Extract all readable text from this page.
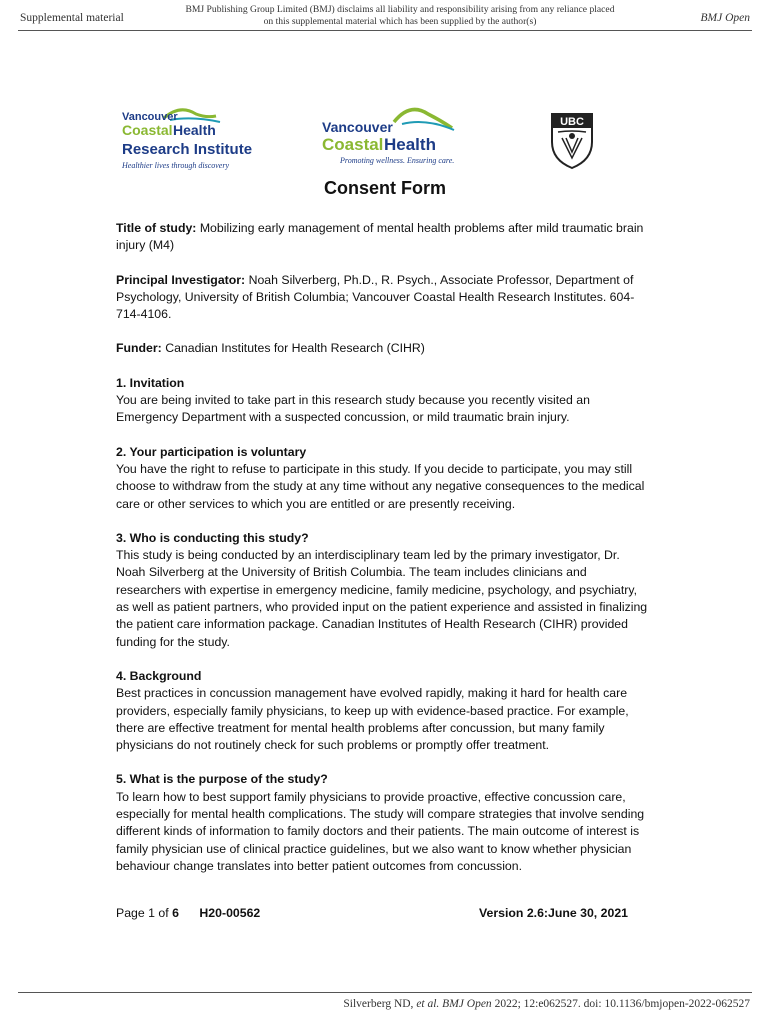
Supplemental material
BMJ Publishing Group Limited (BMJ) disclaims all liability and responsibility arising from any reliance placed on this supplemental material which has been supplied by the author(s)	BMJ Open
Vancouver
Coastal Health
Research Institute
Healthier lives through discovery
Vancouver
Coastal Health
Promoting wellness. Ensuring care.
UBC
Consent Form

Title of study: Mobilizing early management of mental health problems after mild traumatic brain injury (M4)

Principal Investigator: Noah Silverberg, Ph.D., R. Psych., Associate Professor, Department of Psychology, University of British Columbia; Vancouver Coastal Health Research Institutes. 604-714-4106.

Funder: Canadian Institutes for Health Research (CIHR)

1. Invitation
You are being invited to take part in this research study because you recently visited an Emergency Department with a suspected concussion, or mild traumatic brain injury.
2. Your participation is voluntary
You have the right to refuse to participate in this study. If you decide to participate, you may still choose to withdraw from the study at any time without any negative consequences to the medical care or other services to which you are entitled or are presently receiving.
3. Who is conducting this study?
This study is being conducted by an interdisciplinary team led by the primary investigator, Dr. Noah Silverberg at the University of British Columbia. The team includes clinicians and researchers with expertise in emergency medicine, family medicine, psychology, and psychiatry, as well as patient partners, who provided input on the patient experience and assisted in finalizing the patient care information package. Canadian Institutes of Health Research (CIHR) provided funding for the study.
4. Background
Best practices in concussion management have evolved rapidly, making it hard for health care providers, especially family physicians, to keep up with evidence-based practice. For example, there are effective treatment for mental health problems after concussion, but many family physicians do not routinely check for such problems or promptly offer treatment.
5. What is the purpose of the study?
To learn how to best support family physicians to provide proactive, effective concussion care, especially for mental health complications. The study will compare strategies that involve sending different kinds of information to family doctors and their patients. The main outcome of interest is family physician use of clinical practice guidelines, but we also want to know whether physician behaviour change translates into better patient outcomes from concussion.
Page 1 of 6 H20-00562	Version 2.6:June 30, 2021
Silverberg ND, et al. BMJ Open 2022; 12:e062527. doi: 10.1136/bmjopen-2022-062527
